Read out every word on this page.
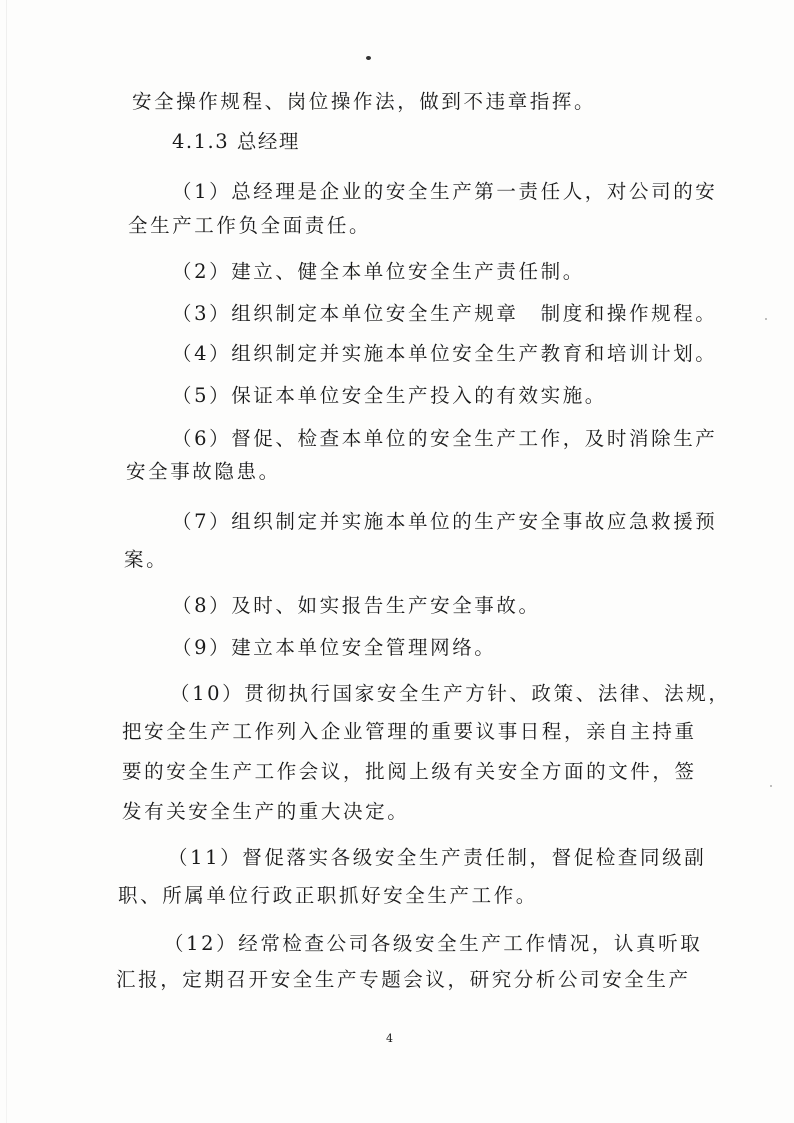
安全操作规程、岗位操作法，做到不违章指挥。
4.1.3 总经理
（1）总经理是企业的安全生产第一责任人，对公司的安
全生产工作负全面责任。
（2）建立、健全本单位安全生产责任制。
（3）组织制定本单位安全生产规章　制度和操作规程。
（4）组织制定并实施本单位安全生产教育和培训计划。
（5）保证本单位安全生产投入的有效实施。
（6）督促、检查本单位的安全生产工作，及时消除生产
安全事故隐患。
（7）组织制定并实施本单位的生产安全事故应急救援预
案。
（8）及时、如实报告生产安全事故。
（9）建立本单位安全管理网络。
（10）贯彻执行国家安全生产方针、政策、法律、法规，
把安全生产工作列入企业管理的重要议事日程，亲自主持重
要的安全生产工作会议，批阅上级有关安全方面的文件，签
发有关安全生产的重大决定。
（11）督促落实各级安全生产责任制，督促检查同级副
职、所属单位行政正职抓好安全生产工作。
（12）经常检查公司各级安全生产工作情况，认真听取
汇报，定期召开安全生产专题会议，研究分析公司安全生产
4
